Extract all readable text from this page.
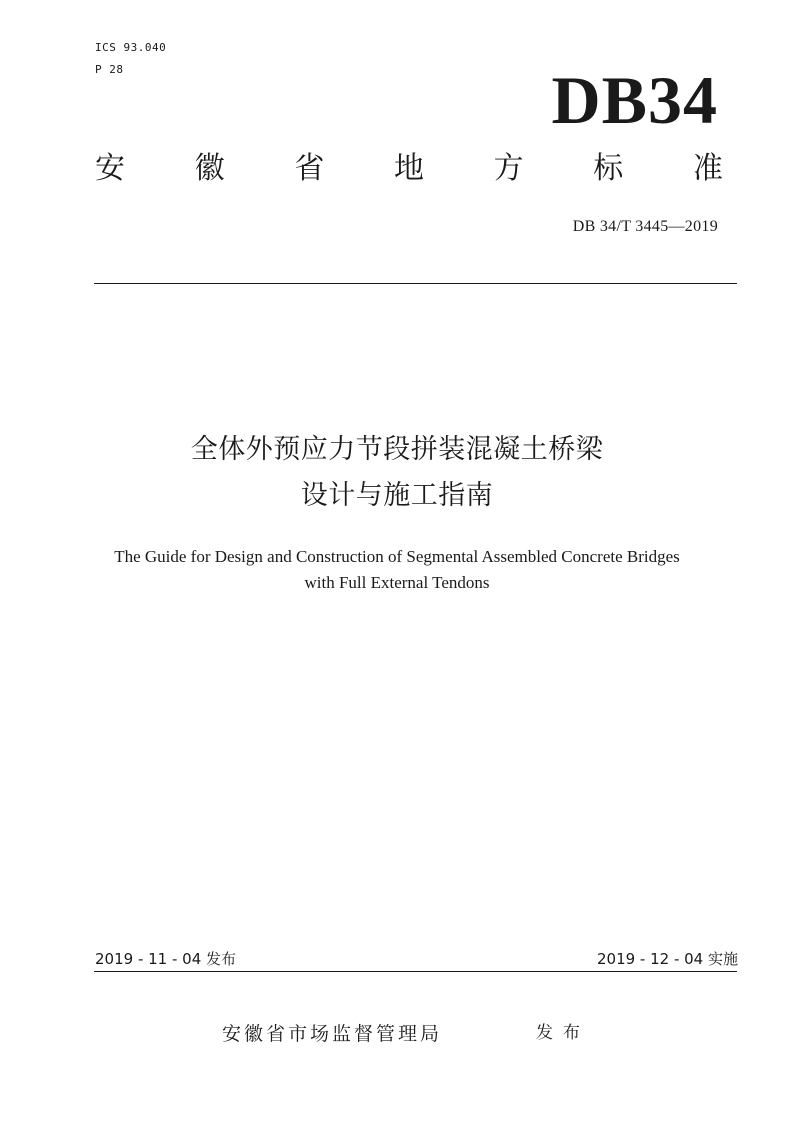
ICS 93.040
P 28	DB34
安 徽 省 地 方 标 准
DB 34/T 3445—2019
全体外预应力节段拼装混凝土桥梁
设计与施工指南
The Guide for Design and Construction of Segmental Assembled Concrete Bridges
with Full External Tendons
2019 - 11 - 04 发布	2019 - 12 - 04 实施
安徽省市场监督管理局	发布
